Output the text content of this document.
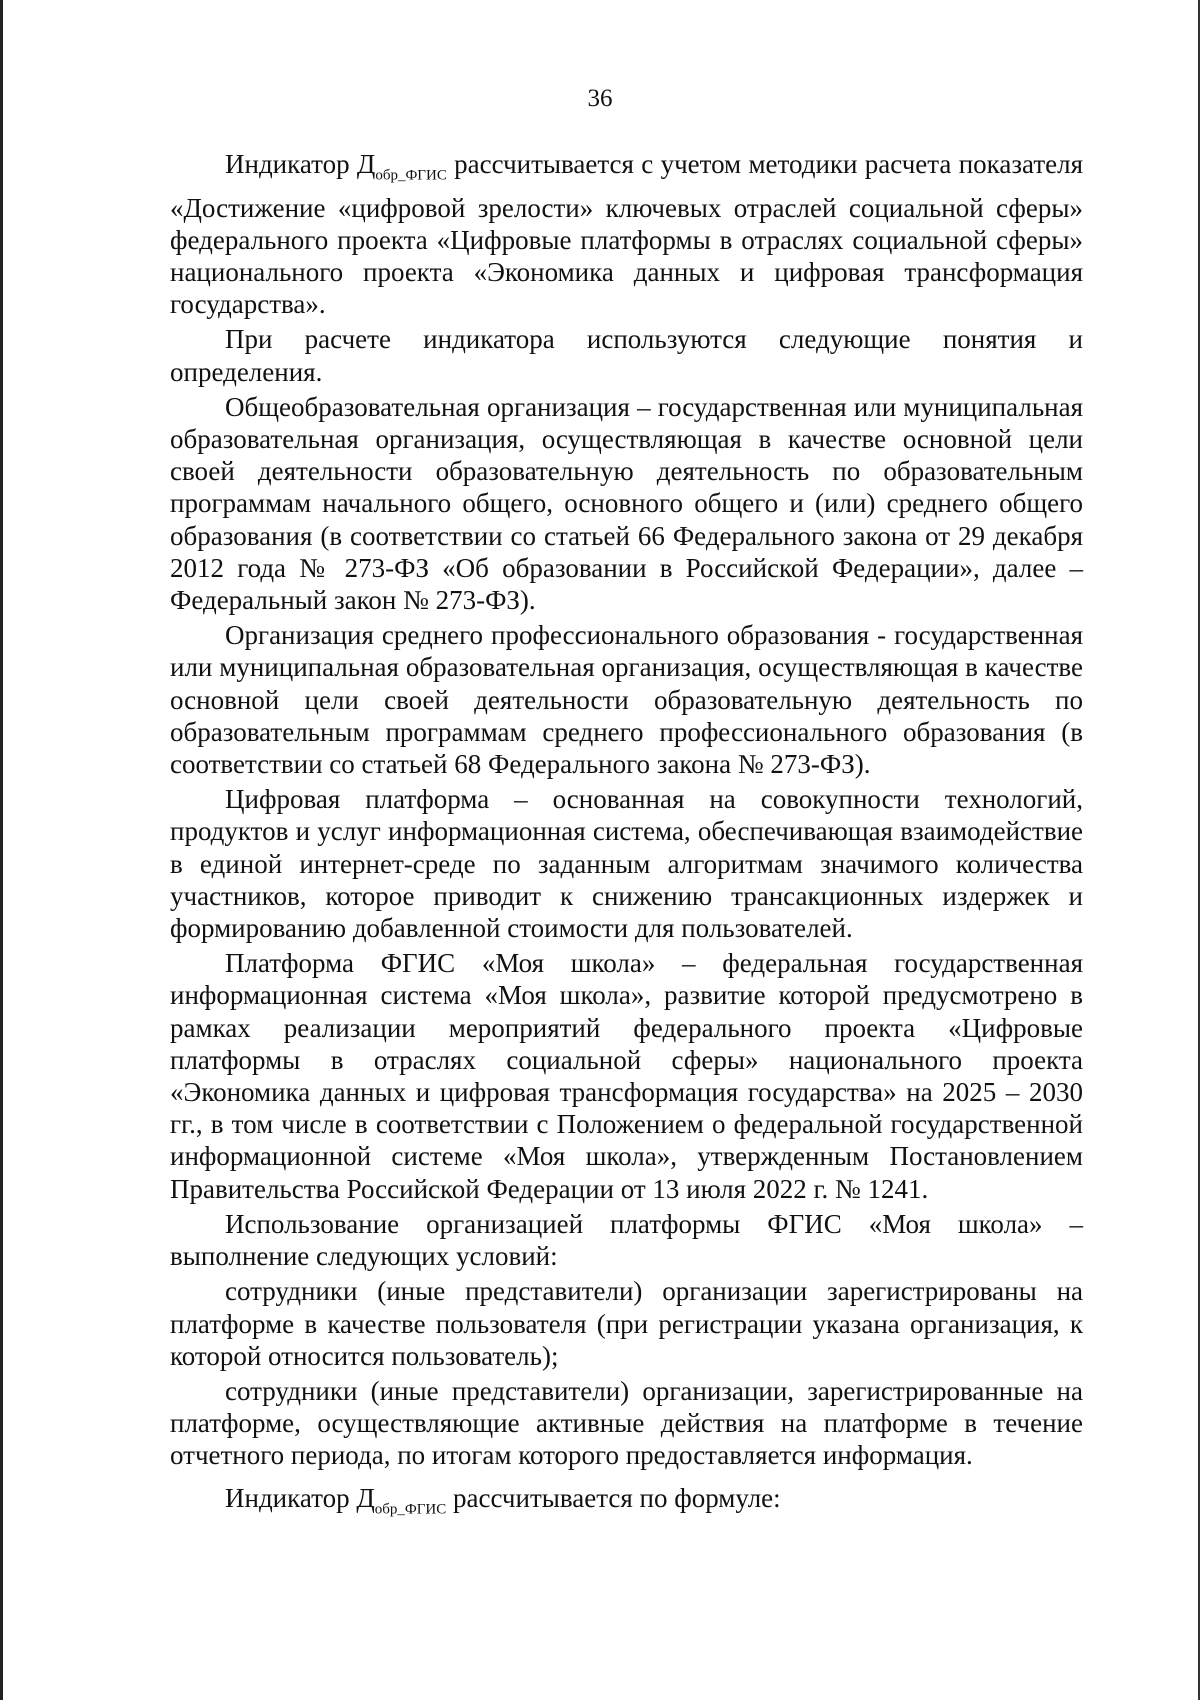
36

Индикатор $Д_{обр\_ФГИС}$ рассчитывается с учетом методики расчета показателя «Достижение «цифровой зрелости» ключевых отраслей социальной сферы» федерального проекта «Цифровые платформы в отраслях социальной сферы» национального проекта «Экономика данных и цифровая трансформация государства».

При расчете индикатора используются следующие понятия и определения.

Общеобразовательная организация – государственная или муниципальная образовательная организация, осуществляющая в качестве основной цели своей деятельности образовательную деятельность по образовательным программам начального общего, основного общего и (или) среднего общего образования (в соответствии со статьей 66 Федерального закона от 29 декабря 2012 года № 273-ФЗ «Об образовании в Российской Федерации», далее – Федеральный закон № 273-ФЗ).

Организация среднего профессионального образования - государственная или муниципальная образовательная организация, осуществляющая в качестве основной цели своей деятельности образовательную деятельность по образовательным программам среднего профессионального образования (в соответствии со статьей 68 Федерального закона № 273-ФЗ).

Цифровая платформа – основанная на совокупности технологий, продуктов и услуг информационная система, обеспечивающая взаимодействие в единой интернет-среде по заданным алгоритмам значимого количества участников, которое приводит к снижению трансакционных издержек и формированию добавленной стоимости для пользователей.

Платформа ФГИС «Моя школа» – федеральная государственная информационная система «Моя школа», развитие которой предусмотрено в рамках реализации мероприятий федерального проекта «Цифровые платформы в отраслях социальной сферы» национального проекта «Экономика данных и цифровая трансформация государства» на 2025 – 2030 гг., в том числе в соответствии с Положением о федеральной государственной информационной системе «Моя школа», утвержденным Постановлением Правительства Российской Федерации от 13 июля 2022 г. № 1241.

Использование организацией платформы ФГИС «Моя школа» – выполнение следующих условий:

сотрудники (иные представители) организации зарегистрированы на платформе в качестве пользователя (при регистрации указана организация, к которой относится пользователь);

сотрудники (иные представители) организации, зарегистрированные на платформе, осуществляющие активные действия на платформе в течение отчетного периода, по итогам которого предоставляется информация.

Индикатор $Д_{обр\_ФГИС}$ рассчитывается по формуле:
